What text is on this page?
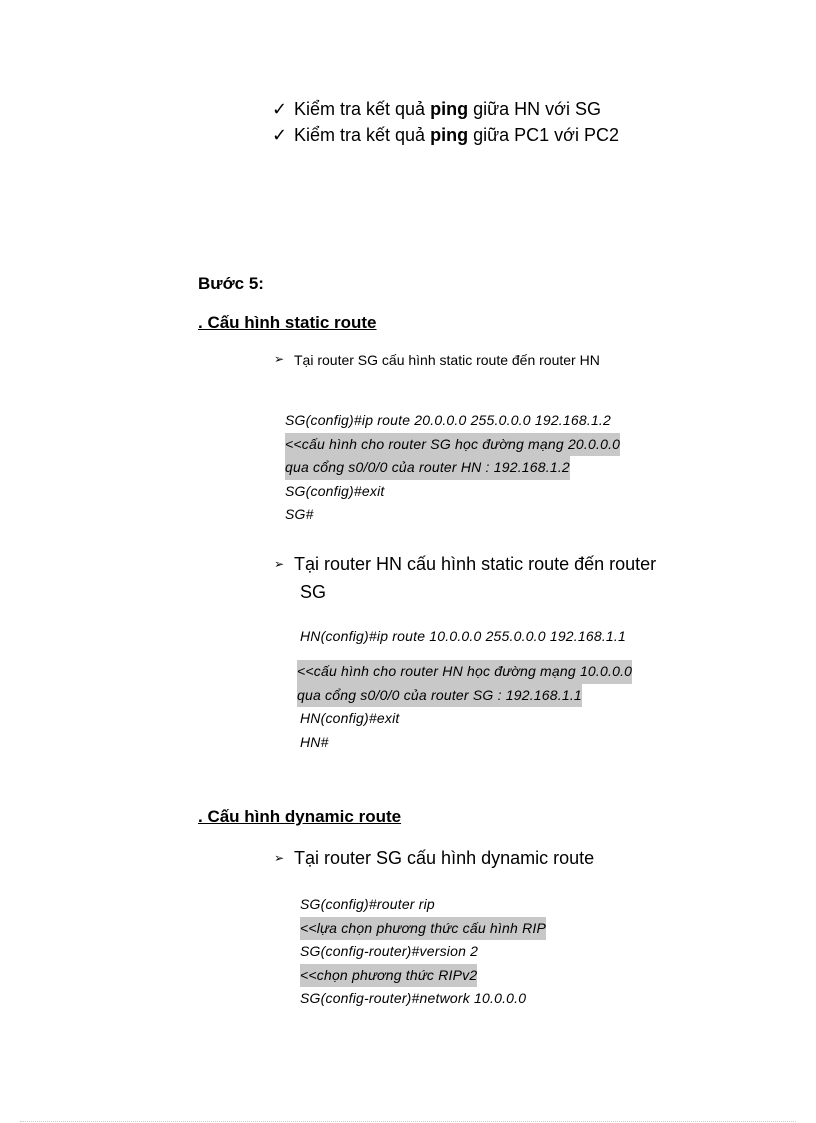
✓ Kiểm tra kết quả ping giữa HN với SG
✓ Kiểm tra kết quả ping giữa PC1 với PC2
Bước 5:
. Cấu hình static route
➢ Tại router SG cấu hình static route đến router HN
SG(config)#ip route 20.0.0.0 255.0.0.0 192.168.1.2
<<cấu hình cho router SG học đường mạng 20.0.0.0
qua cổng s0/0/0 của router HN : 192.168.1.2
SG(config)#exit
SG#
➢ Tại router HN cấu hình static route đến router
SG
HN(config)#ip route 10.0.0.0 255.0.0.0 192.168.1.1
<<cấu hình cho router HN học đường mạng 10.0.0.0
qua cổng s0/0/0 của router SG : 192.168.1.1
HN(config)#exit
HN#
. Cấu hình dynamic route
➢ Tại router SG cấu hình dynamic route
SG(config)#router rip
<<lựa chọn phương thức cấu hình RIP

SG(config-router)#version 2
<<chọn phương thức RIPv2

SG(config-router)#network 10.0.0.0
